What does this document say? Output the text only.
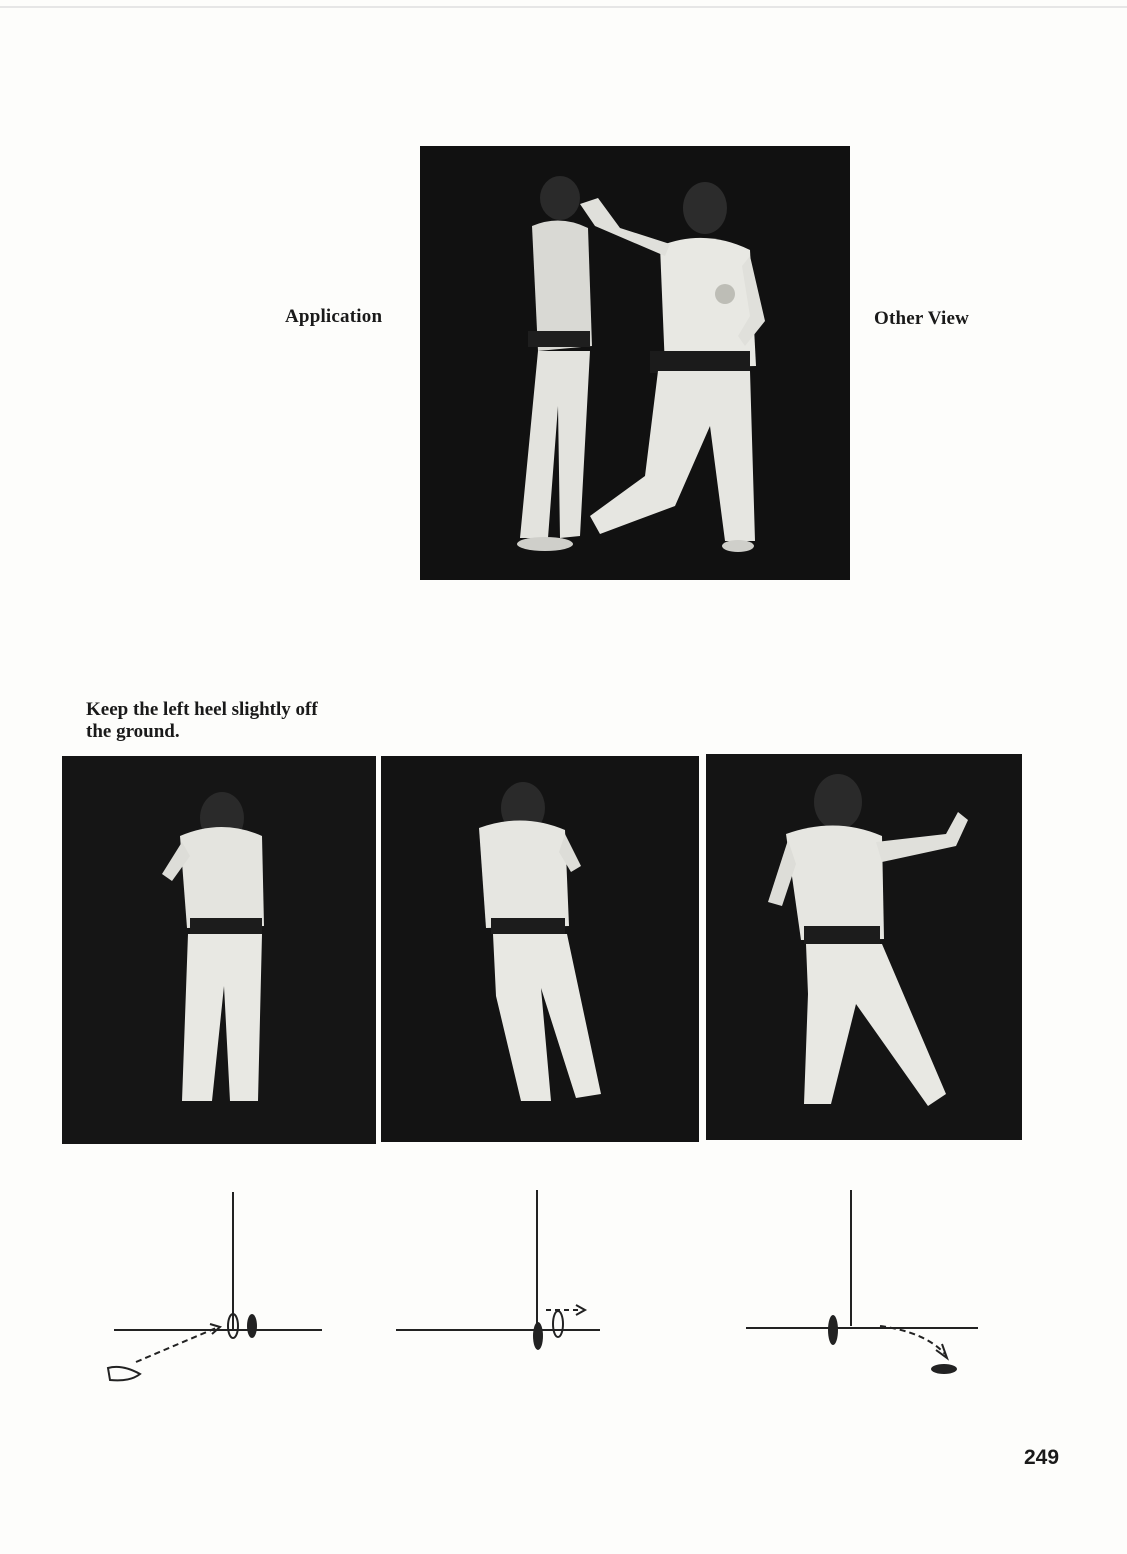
Application	Other View
Keep the left heel slightly off
the ground.
249
